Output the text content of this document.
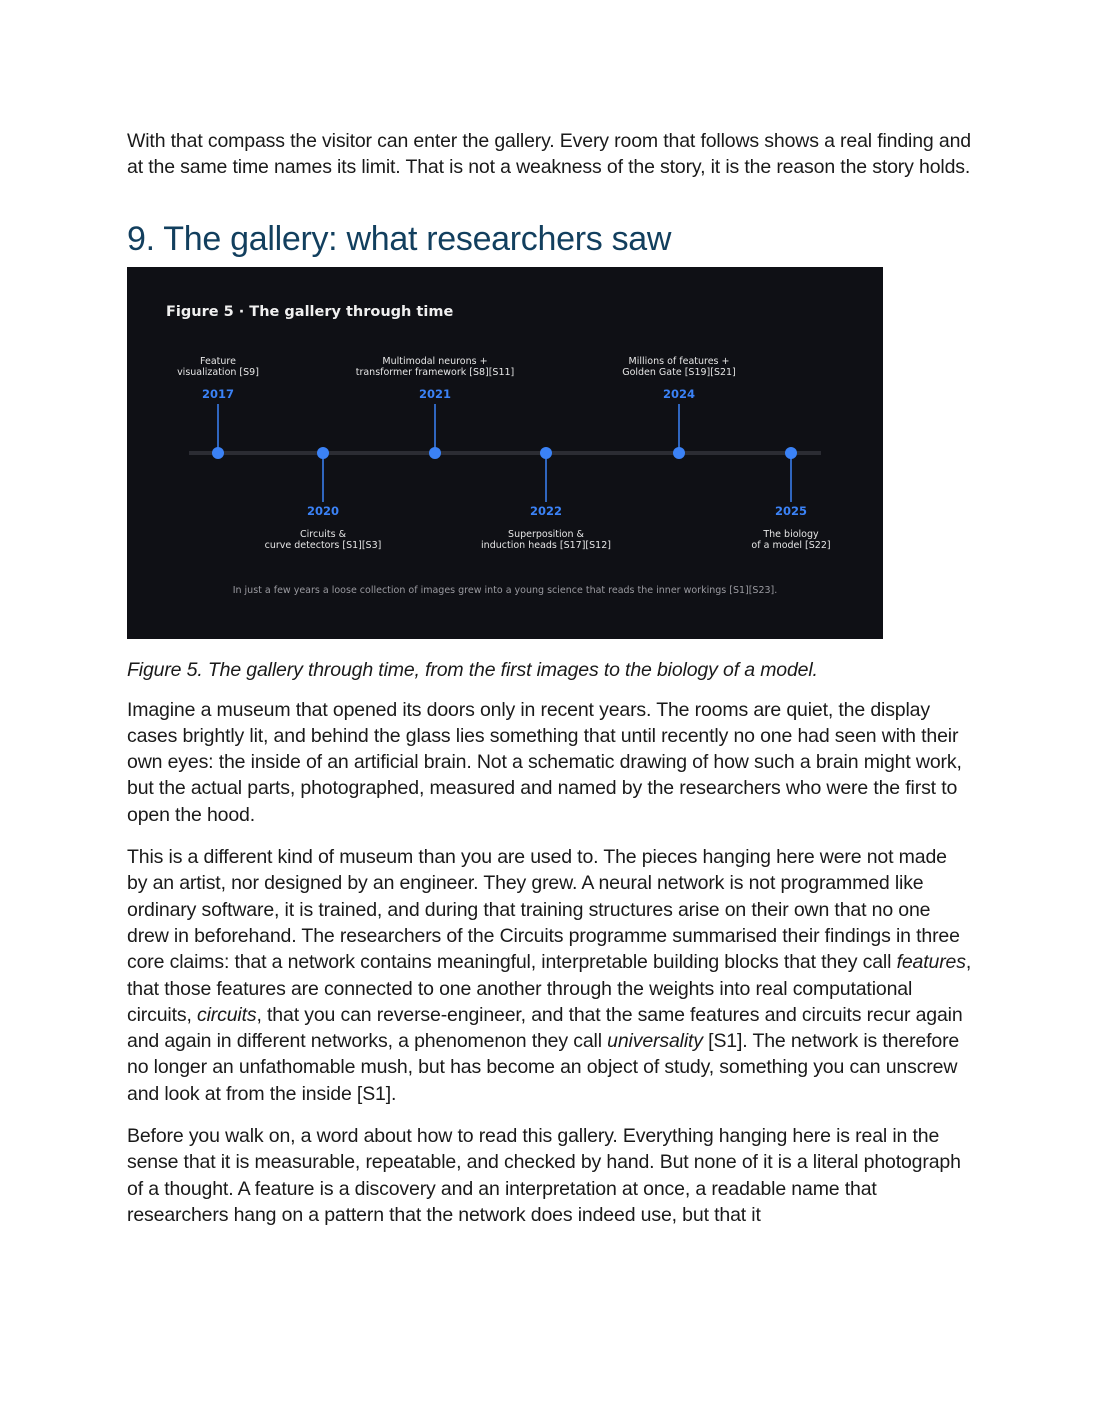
With that compass the visitor can enter the gallery. Every room that follows shows a real finding and at the same time names its limit. That is not a weakness of the story, it is the reason the story holds.

9. The gallery: what researchers saw
Figure 5 · The gallery through time
2017
Feature
visualization [S9]
2020
Circuits &
curve detectors [S1][S3]
2021
Multimodal neurons +
transformer framework [S8][S11]
2022
Superposition &
induction heads [S17][S12]
2024
Millions of features +
Golden Gate [S19][S21]
2025
The biology
of a model [S22]
In just a few years a loose collection of images grew into a young science that reads the inner workings [S1][S23].

Figure 5. The gallery through time, from the first images to the biology of a model.

Imagine a museum that opened its doors only in recent years. The rooms are quiet, the display cases brightly lit, and behind the glass lies something that until recently no one had seen with their own eyes: the inside of an artificial brain. Not a schematic drawing of how such a brain might work, but the actual parts, photographed, measured and named by the researchers who were the first to open the hood.

This is a different kind of museum than you are used to. The pieces hanging here were not made by an artist, nor designed by an engineer. They grew. A neural network is not programmed like ordinary software, it is trained, and during that training structures arise on their own that no one drew in beforehand. The researchers of the Circuits programme summarised their findings in three core claims: that a network contains meaningful, interpretable building blocks that they call features, that those features are connected to one another through the weights into real computational circuits, circuits, that you can reverse-engineer, and that the same features and circuits recur again and again in different networks, a phenomenon they call universality [S1]. The network is therefore no longer an unfathomable mush, but has become an object of study, something you can unscrew and look at from the inside [S1].

Before you walk on, a word about how to read this gallery. Everything hanging here is real in the sense that it is measurable, repeatable, and checked by hand. But none of it is a literal photograph of a thought. A feature is a discovery and an interpretation at once, a readable name that researchers hang on a pattern that the network does indeed use, but that it
